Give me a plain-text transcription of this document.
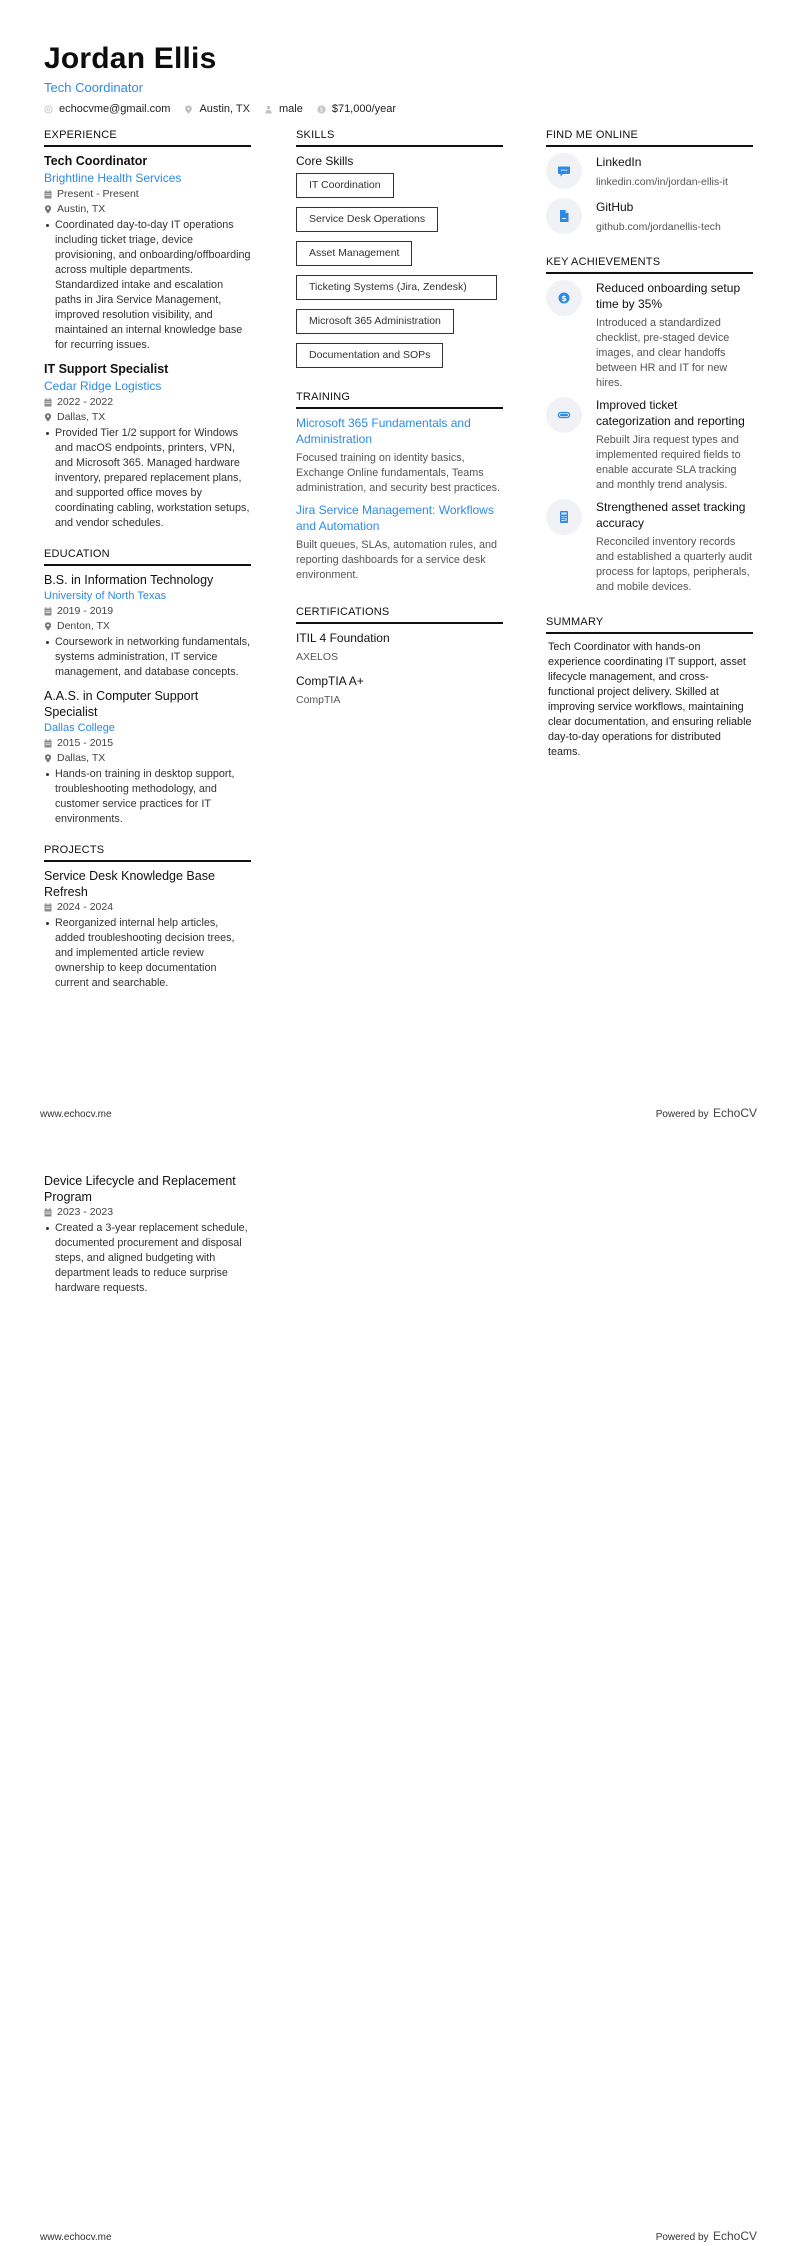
Jordan Ellis
Tech Coordinator
echocvme@gmail.com	Austin, TX	male	$ $71,000/year
EXPERIENCE
Tech Coordinator
Brightline Health Services
Present - Present
Austin, TX
Coordinated day-to-day IT operations including ticket triage, device provisioning, and onboarding/offboarding across multiple departments. Standardized intake and escalation paths in Jira Service Management, improved resolution visibility, and maintained an internal knowledge base for recurring issues.
IT Support Specialist
Cedar Ridge Logistics
2022 - 2022
Dallas, TX
Provided Tier 1/2 support for Windows and macOS endpoints, printers, VPN, and Microsoft 365. Managed hardware inventory, prepared replacement plans, and supported office moves by coordinating cabling, workstation setups, and vendor schedules.
EDUCATION
B.S. in Information Technology
University of North Texas
2019 - 2019
Denton, TX
Coursework in networking fundamentals, systems administration, IT service management, and database concepts.
A.A.S. in Computer Support Specialist
Dallas College
2015 - 2015
Dallas, TX
Hands-on training in desktop support, troubleshooting methodology, and customer service practices for IT environments.
PROJECTS
Service Desk Knowledge Base Refresh
2024 - 2024
Reorganized internal help articles, added troubleshooting decision trees, and implemented article review ownership to keep documentation current and searchable.
SKILLS
Core Skills
IT Coordination
Service Desk Operations
Asset Management
Ticketing Systems (Jira, Zendesk)
Microsoft 365 Administration
Documentation and SOPs
TRAINING
Microsoft 365 Fundamentals and Administration
Focused training on identity basics, Exchange Online fundamentals, Teams administration, and security best practices.
Jira Service Management: Workflows and Automation
Built queues, SLAs, automation rules, and reporting dashboards for a service desk environment.
CERTIFICATIONS
ITIL 4 Foundation
AXELOS
CompTIA A+
CompTIA
FIND ME ONLINE
LinkedIn
linkedin.com/in/jordan-ellis-it
GitHub
github.com/jordanellis-tech
KEY ACHIEVEMENTS
$
Reduced onboarding setup time by 35%
Introduced a standardized checklist, pre-staged device images, and clear handoffs between HR and IT for new hires.
Improved ticket categorization and reporting
Rebuilt Jira request types and implemented required fields to enable accurate SLA tracking and monthly trend analysis.
Strengthened asset tracking accuracy
Reconciled inventory records and established a quarterly audit process for laptops, peripherals, and mobile devices.
SUMMARY
Tech Coordinator with hands-on experience coordinating IT support, asset lifecycle management, and cross-functional project delivery. Skilled at improving service workflows, maintaining clear documentation, and ensuring reliable day-to-day operations for distributed teams.
www.echocv.me	Powered by EchoCV
Device Lifecycle and Replacement Program
2023 - 2023
Created a 3-year replacement schedule, documented procurement and disposal steps, and aligned budgeting with department leads to reduce surprise hardware requests.
www.echocv.me	Powered by EchoCV
